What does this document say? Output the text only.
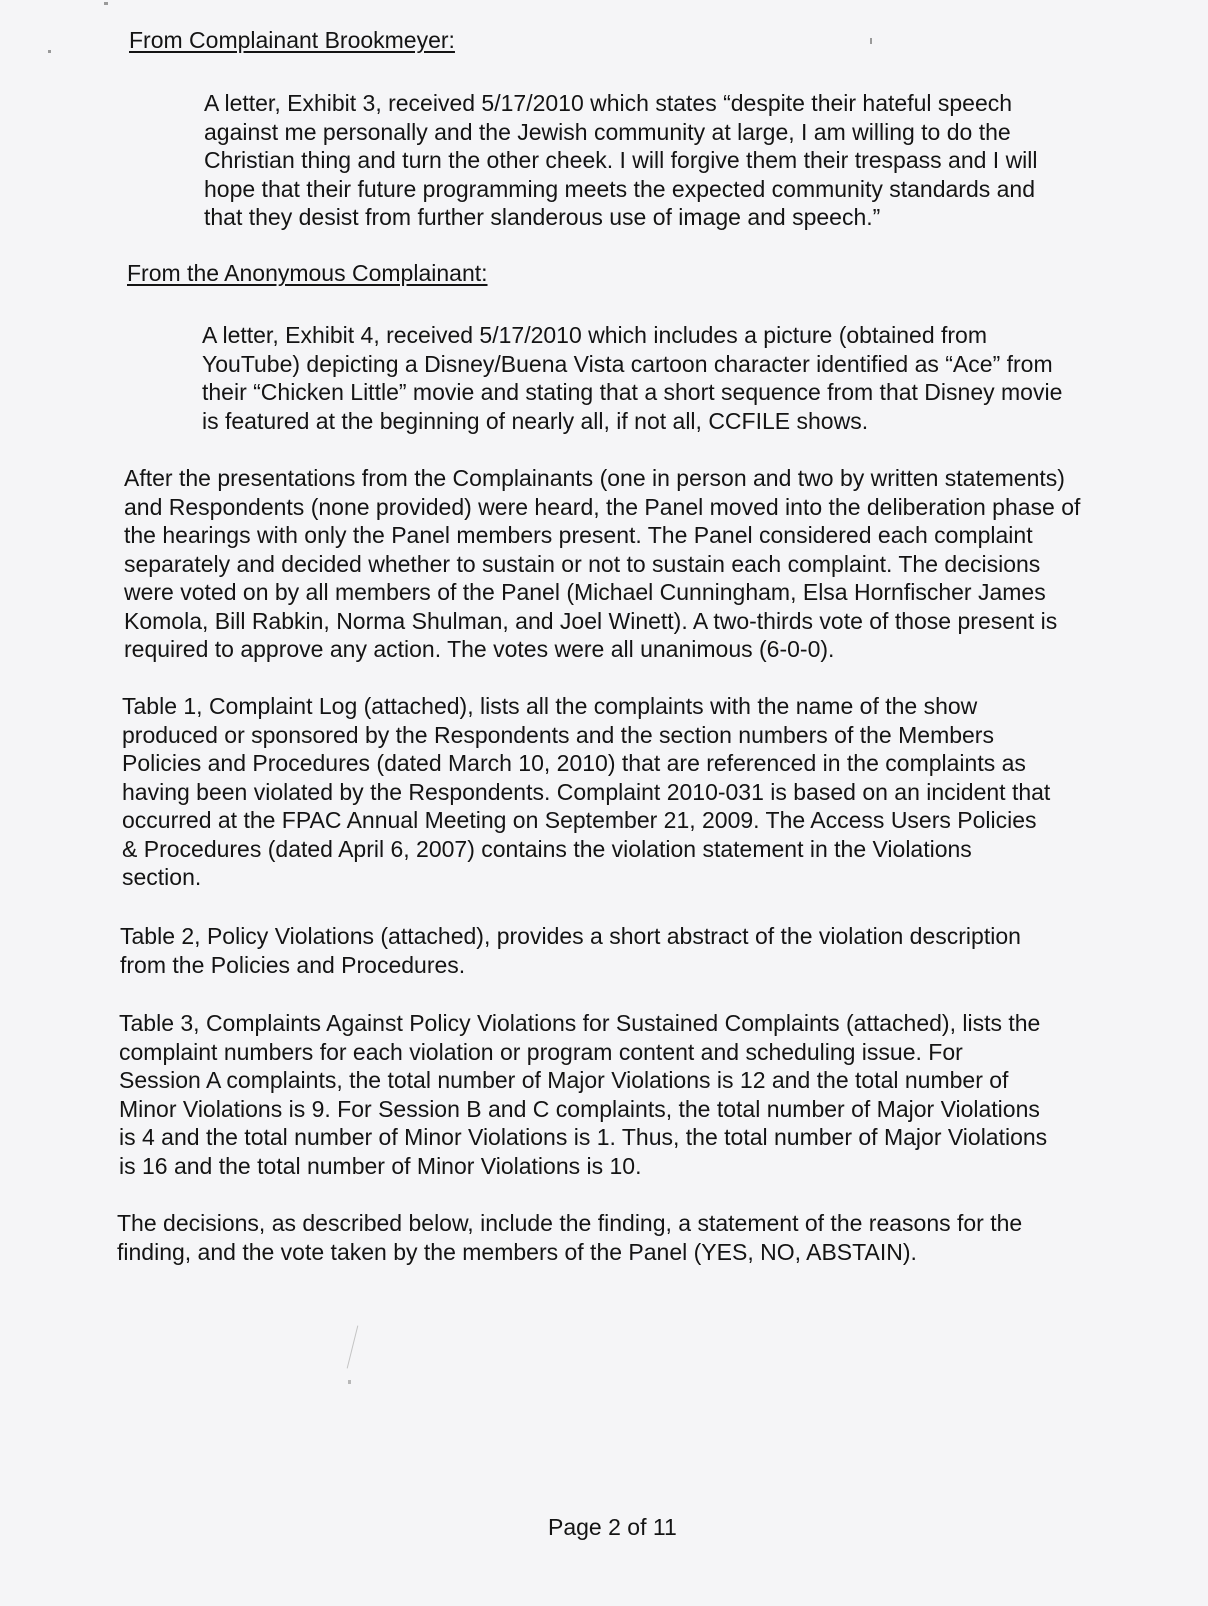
From Complainant Brookmeyer:
A letter, Exhibit 3, received 5/17/2010 which states “despite their hateful speech
against me personally and the Jewish community at large, I am willing to do the
Christian thing and turn the other cheek. I will forgive them their trespass and I will
hope that their future programming meets the expected community standards and
that they desist from further slanderous use of image and speech.”
From the Anonymous Complainant:
A letter, Exhibit 4, received 5/17/2010 which includes a picture (obtained from
YouTube) depicting a Disney/Buena Vista cartoon character identified as “Ace” from
their “Chicken Little” movie and stating that a short sequence from that Disney movie
is featured at the beginning of nearly all, if not all, CCFILE shows.
After the presentations from the Complainants (one in person and two by written statements)
and Respondents (none provided) were heard, the Panel moved into the deliberation phase of
the hearings with only the Panel members present. The Panel considered each complaint
separately and decided whether to sustain or not to sustain each complaint. The decisions
were voted on by all members of the Panel (Michael Cunningham, Elsa Hornfischer James
Komola, Bill Rabkin, Norma Shulman, and Joel Winett). A two-thirds vote of those present is
required to approve any action. The votes were all unanimous (6-0-0).
Table 1, Complaint Log (attached), lists all the complaints with the name of the show
produced or sponsored by the Respondents and the section numbers of the Members
Policies and Procedures (dated March 10, 2010) that are referenced in the complaints as
having been violated by the Respondents. Complaint 2010-031 is based on an incident that
occurred at the FPAC Annual Meeting on September 21, 2009. The Access Users Policies
& Procedures (dated April 6, 2007) contains the violation statement in the Violations
section.
Table 2, Policy Violations (attached), provides a short abstract of the violation description
from the Policies and Procedures.
Table 3, Complaints Against Policy Violations for Sustained Complaints (attached), lists the
complaint numbers for each violation or program content and scheduling issue. For
Session A complaints, the total number of Major Violations is 12 and the total number of
Minor Violations is 9. For Session B and C complaints, the total number of Major Violations
is 4 and the total number of Minor Violations is 1. Thus, the total number of Major Violations
is 16 and the total number of Minor Violations is 10.
The decisions, as described below, include the finding, a statement of the reasons for the
finding, and the vote taken by the members of the Panel (YES, NO, ABSTAIN).
Page 2 of 11
